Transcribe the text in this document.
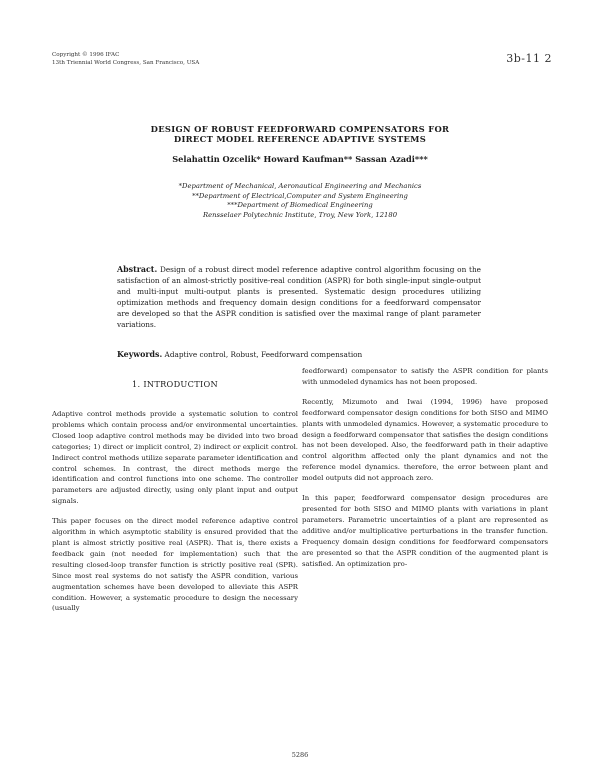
Copyright © 1996 IFAC
13th Triennial World Congress, San Francisco, USA	3b-11 2
DESIGN OF ROBUST FEEDFORWARD COMPENSATORS FOR
DIRECT MODEL REFERENCE ADAPTIVE SYSTEMS
Selahattin Ozcelik* Howard Kaufman** Sassan Azadi***
*Department of Mechanical, Aeronautical Engineering and Mechanics
**Department of Electrical,Computer and System Engineering
***Department of Biomedical Engineering
Rensselaer Polytechnic Institute, Troy, New York, 12180
Abstract. Design of a robust direct model reference adaptive control algorithm focusing on the satisfaction of an almost-strictly positive-real condition (ASPR) for both single-input single-output and multi-input multi-output plants is presented. Systematic design procedures utilizing optimization methods and frequency domain design conditions for a feedforward compensator are developed so that the ASPR condition is satisfied over the maximal range of plant parameter variations.
Keywords. Adaptive control, Robust, Feedforward compensation
1. INTRODUCTION

Adaptive control methods provide a systematic solution to control problems which contain process and/or environmental uncertainties. Closed loop adaptive control methods may be divided into two broad categories; 1) direct or implicit control, 2) indirect or explicit control. Indirect control methods utilize separate parameter identification and control schemes. In contrast, the direct methods merge the identification and control functions into one scheme. The controller parameters are adjusted directly, using only plant input and output signals.

This paper focuses on the direct model reference adaptive control algorithm in which asymptotic stability is ensured provided that the plant is almost strictly positive real (ASPR). That is, there exists a feedback gain (not needed for implementation) such that the resulting closed-loop transfer function is strictly positive real (SPR). Since most real systems do not satisfy the ASPR condition, various augmentation schemes have been developed to alleviate this ASPR condition. However, a systematic procedure to design the necessary (usually

feedforward) compensator to satisfy the ASPR condition for plants with unmodeled dynamics has not been proposed.

Recently, Mizumoto and Iwai (1994, 1996) have proposed feedforward compensator design conditions for both SISO and MIMO plants with unmodeled dynamics. However, a systematic procedure to design a feedforward compensator that satisfies the design conditions has not been developed. Also, the feedforward path in their adaptive control algorithm affected only the plant dynamics and not the reference model dynamics. therefore, the error between plant and model outputs did not approach zero.

In this paper, feedforward compensator design procedures are presented for both SISO and MIMO plants with variations in plant parameters. Parametric uncertainties of a plant are represented as additive and/or multiplicative perturbations in the transfer function. Frequency domain design conditions for feedforward compensators are presented so that the ASPR condition of the augmented plant is satisfied. An optimization pro-

5286
